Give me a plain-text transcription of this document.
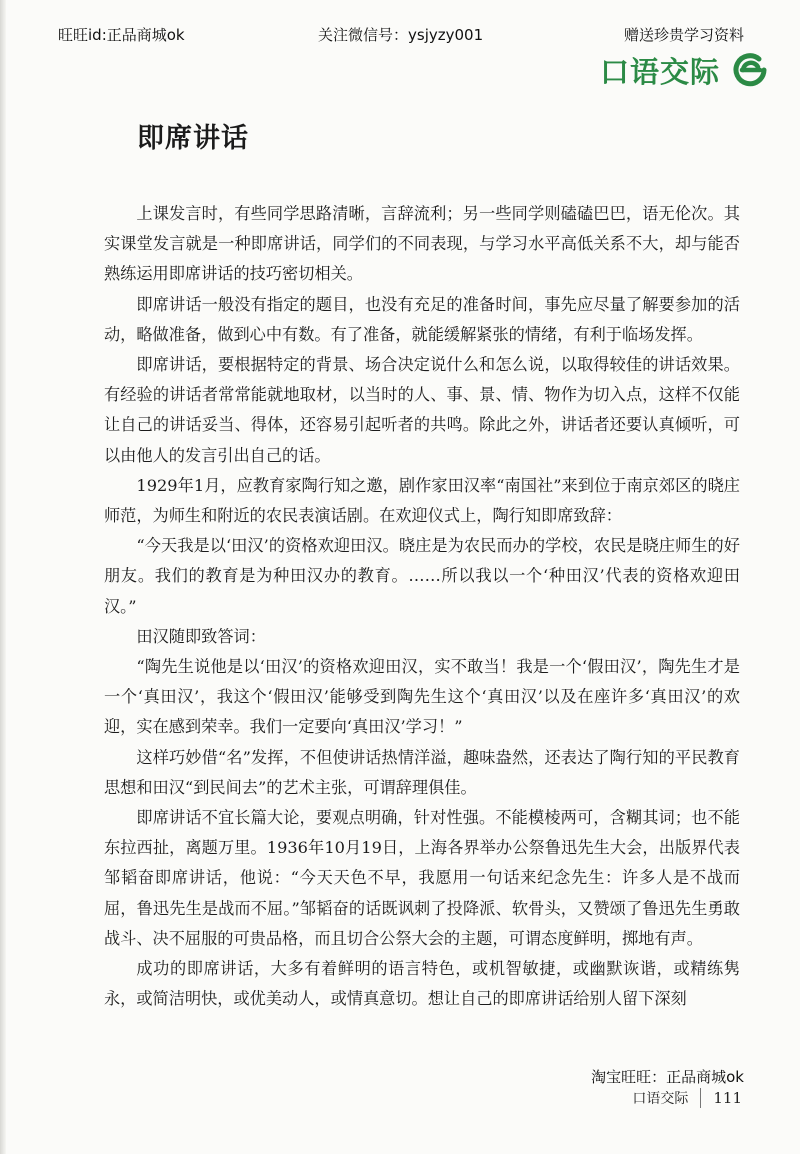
旺旺id:正品商城ok	关注微信号：ysjyzy001	赠送珍贵学习资料
口语交际
即席讲话

上课发言时，有些同学思路清晰，言辞流利；另一些同学则磕磕巴巴，语无伦次。其实课堂发言就是一种即席讲话，同学们的不同表现，与学习水平高低关系不大，却与能否熟练运用即席讲话的技巧密切相关。

即席讲话一般没有指定的题目，也没有充足的准备时间，事先应尽量了解要参加的活动，略做准备，做到心中有数。有了准备，就能缓解紧张的情绪，有利于临场发挥。

即席讲话，要根据特定的背景、场合决定说什么和怎么说，以取得较佳的讲话效果。有经验的讲话者常常能就地取材，以当时的人、事、景、情、物作为切入点，这样不仅能让自己的讲话妥当、得体，还容易引起听者的共鸣。除此之外，讲话者还要认真倾听，可以由他人的发言引出自己的话。

1929年1月，应教育家陶行知之邀，剧作家田汉率“南国社”来到位于南京郊区的晓庄师范，为师生和附近的农民表演话剧。在欢迎仪式上，陶行知即席致辞：

“今天我是以‘田汉’的资格欢迎田汉。晓庄是为农民而办的学校，农民是晓庄师生的好朋友。我们的教育是为种田汉办的教育。……所以我以一个‘种田汉’代表的资格欢迎田汉。”

田汉随即致答词：

“陶先生说他是以‘田汉’的资格欢迎田汉，实不敢当！我是一个‘假田汉’，陶先生才是一个‘真田汉’，我这个‘假田汉’能够受到陶先生这个‘真田汉’以及在座许多‘真田汉’的欢迎，实在感到荣幸。我们一定要向‘真田汉’学习！”

这样巧妙借“名”发挥，不但使讲话热情洋溢，趣味盎然，还表达了陶行知的平民教育思想和田汉“到民间去”的艺术主张，可谓辞理俱佳。

即席讲话不宜长篇大论，要观点明确，针对性强。不能模棱两可，含糊其词；也不能东拉西扯，离题万里。1936年10月19日，上海各界举办公祭鲁迅先生大会，出版界代表邹韬奋即席讲话，他说：“今天天色不早，我愿用一句话来纪念先生：许多人是不战而屈，鲁迅先生是战而不屈。”邹韬奋的话既讽刺了投降派、软骨头，又赞颂了鲁迅先生勇敢战斗、决不屈服的可贵品格，而且切合公祭大会的主题，可谓态度鲜明，掷地有声。

成功的即席讲话，大多有着鲜明的语言特色，或机智敏捷，或幽默诙谐，或精练隽永，或简洁明快，或优美动人，或情真意切。想让自己的即席讲话给别人留下深刻

淘宝旺旺：正品商城ok
口语交际 111
